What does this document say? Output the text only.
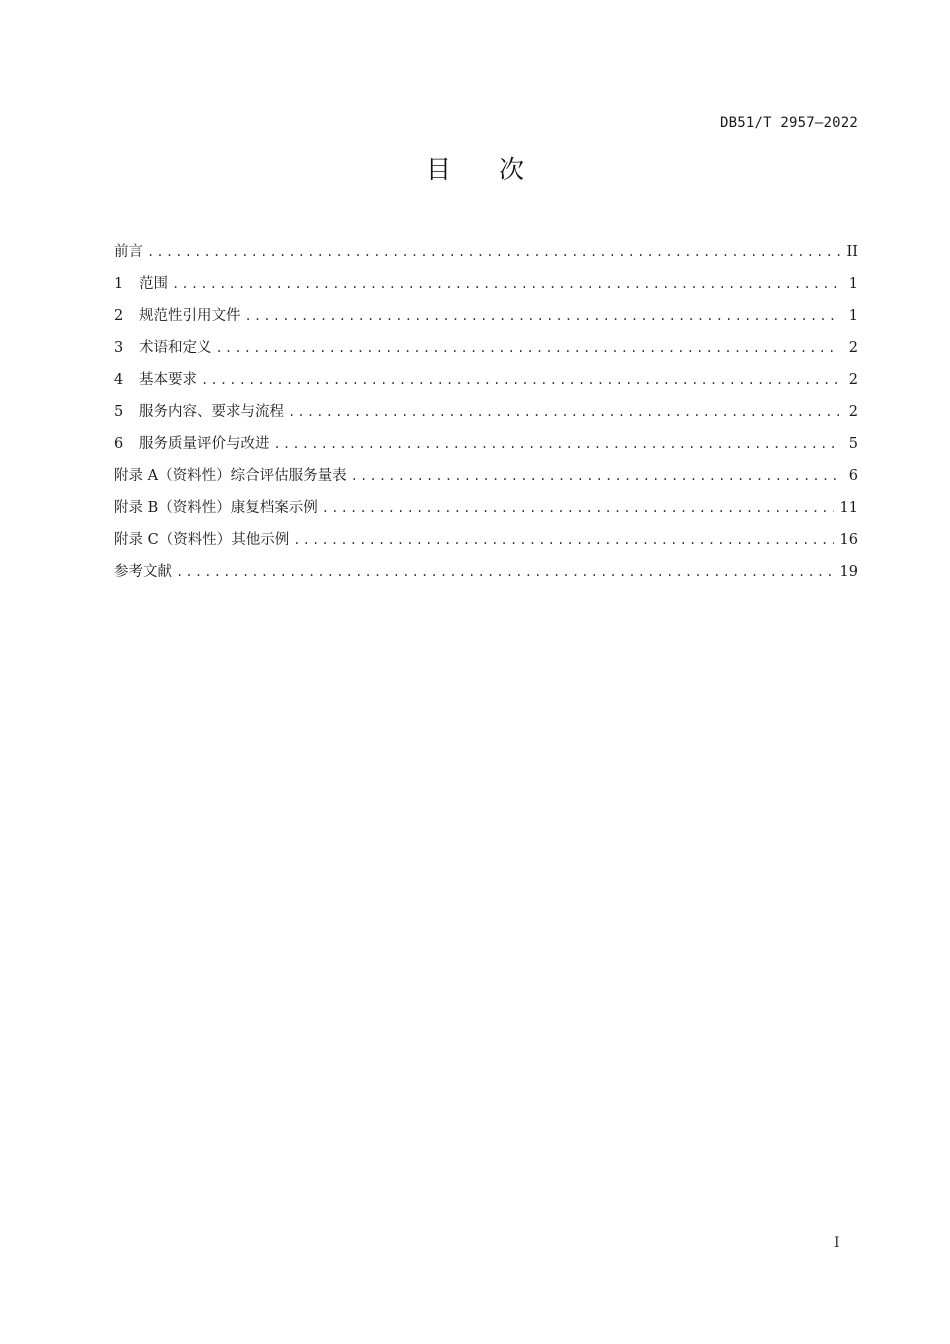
DB51/T 2957—2022
目次
前言 .....	II
1	范围 .....	1
2	规范性引用文件 .....	1
3	术语和定义 .....	2
4	基本要求 .....	2
5	服务内容、要求与流程 .....	2
6	服务质量评价与改进 .....	5
附录 A（资料性）综合评估服务量表 .....	6
附录 B（资料性）康复档案示例 .....	11
附录 C（资料性）其他示例 .....	16
参考文献 .....	19
I
